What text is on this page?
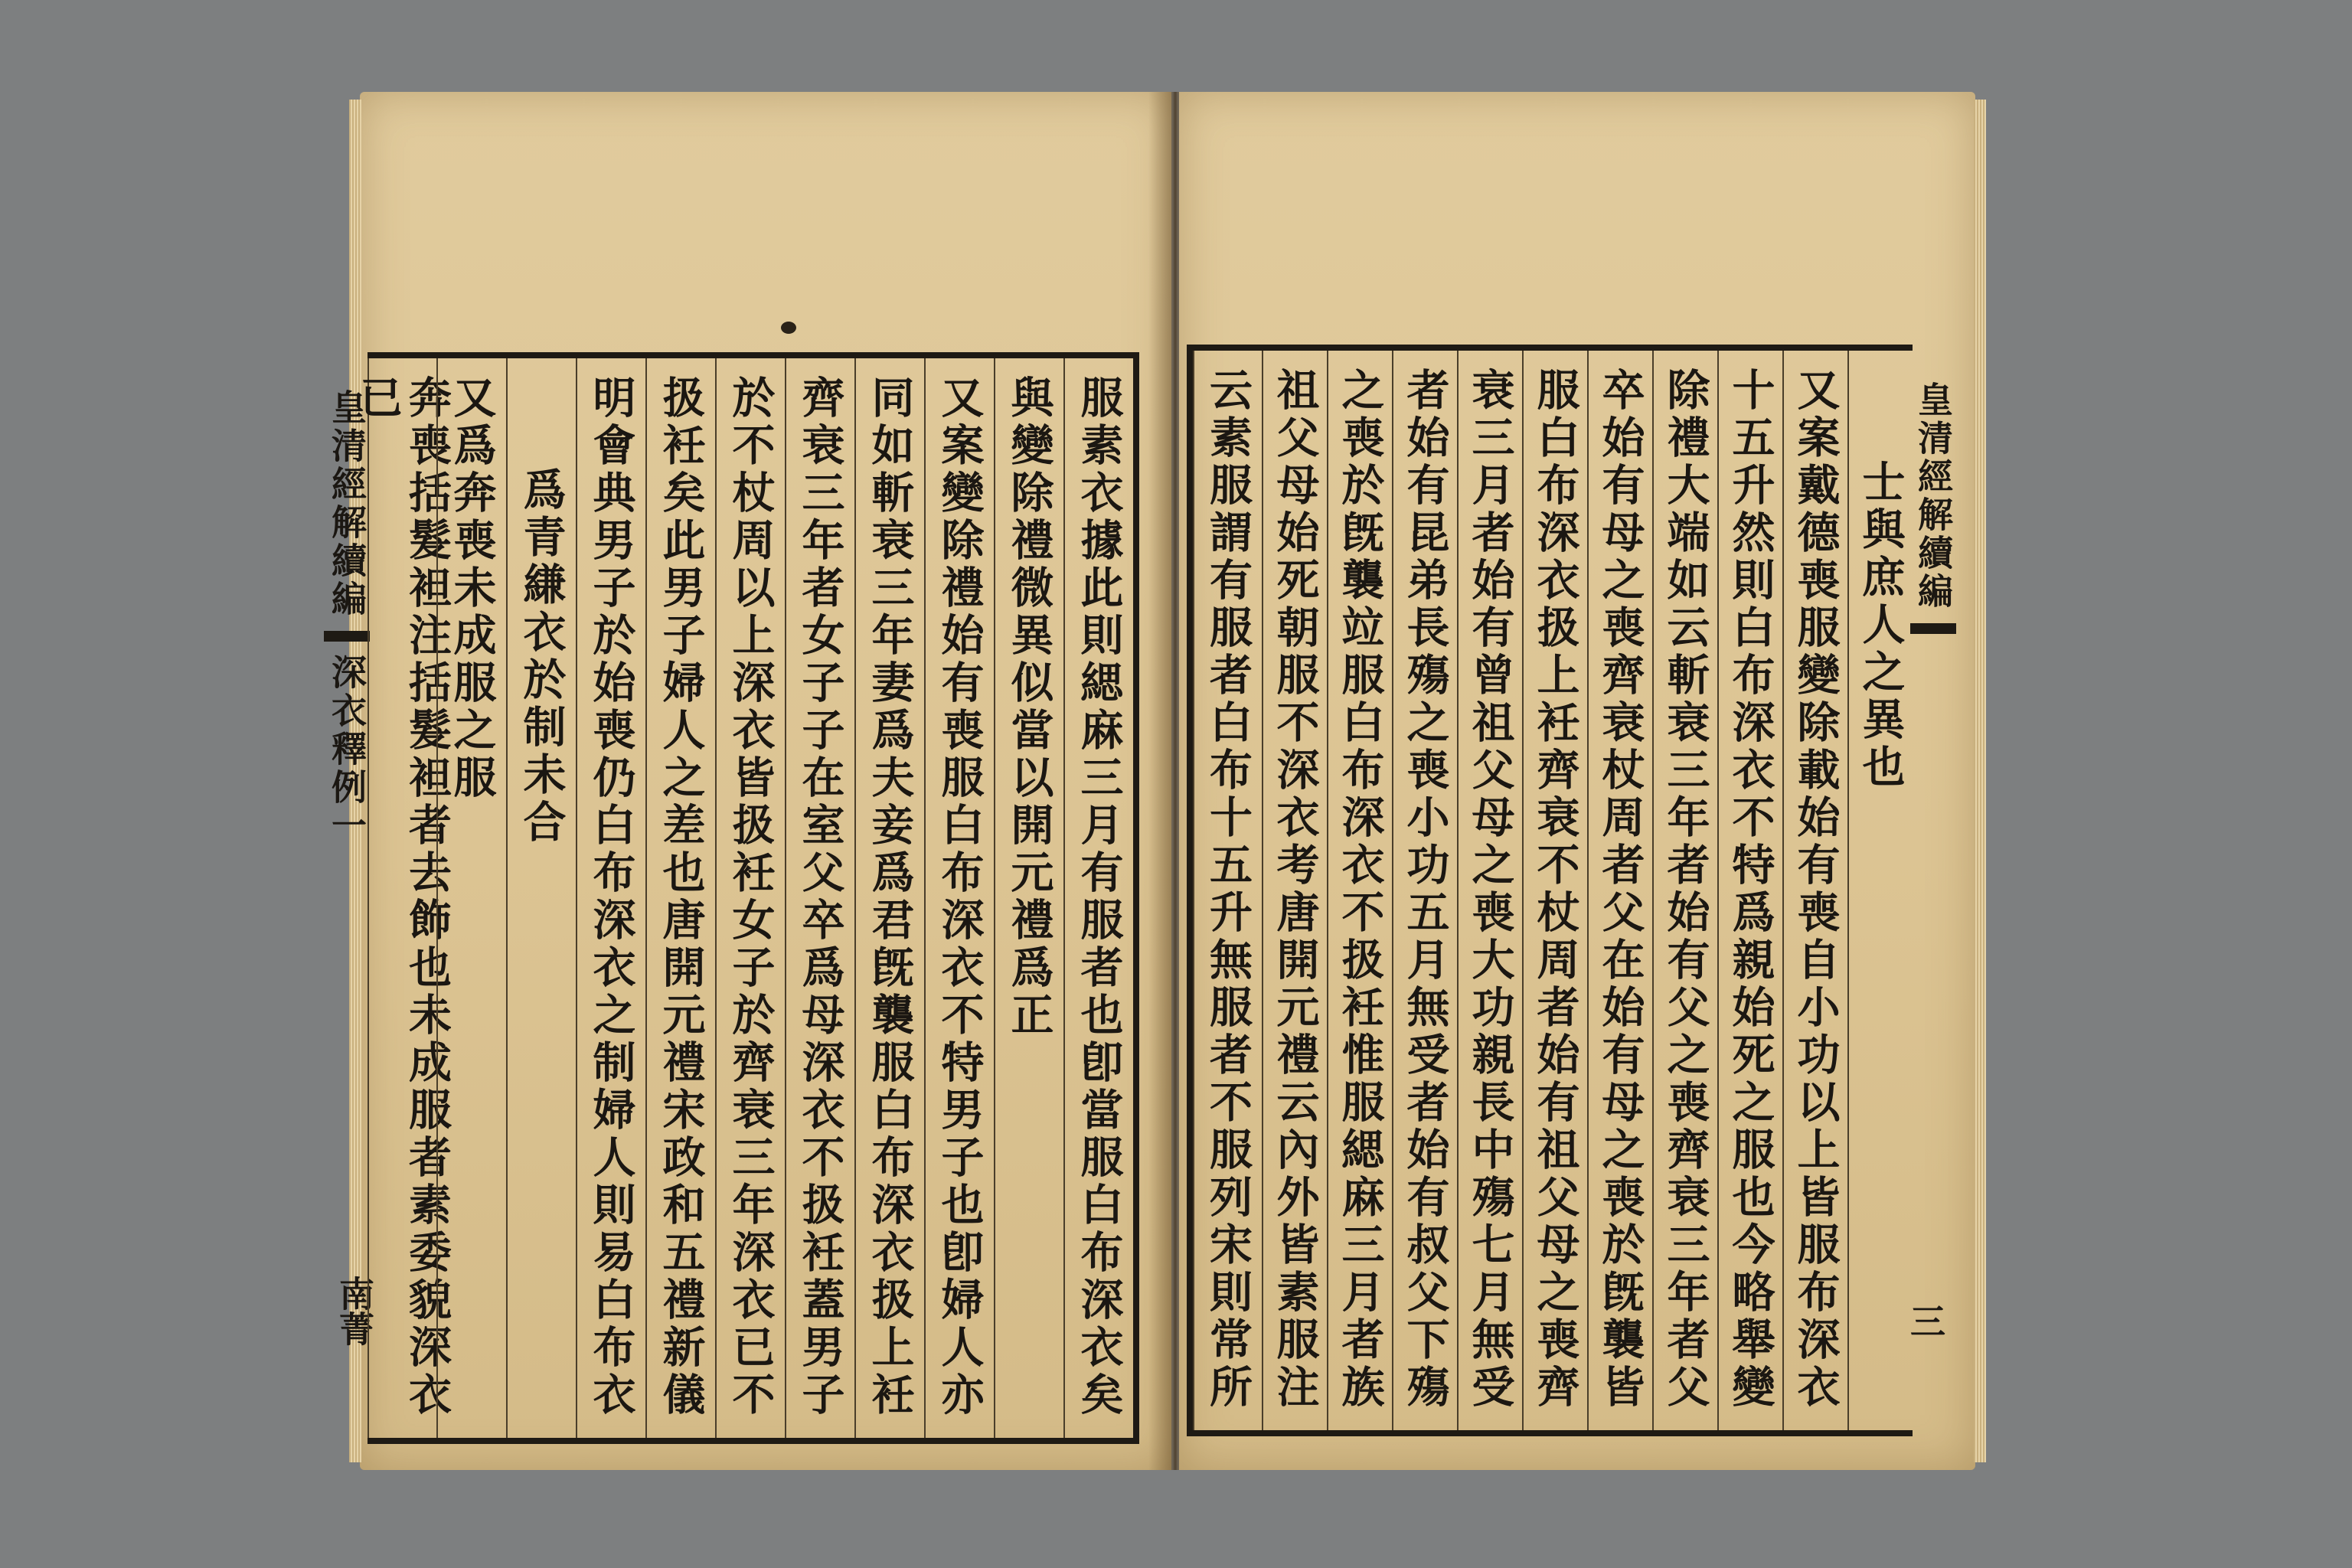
皇清經解續編
深衣釋例一
南菁	服素衣據此則緦麻三月有服者也卽當服白布深衣矣
與變除禮微異似當以開元禮爲正
又案變除禮始有喪服白布深衣不特男子也卽婦人亦
同如斬衰三年妻爲夫妾爲君旣襲服白布深衣扱上衽
齊衰三年者女子子在室父卒爲母深衣不扱衽蓋男子
於不杖周以上深衣皆扱衽女子於齊衰三年深衣已不
扱衽矣此男子婦人之差也唐開元禮宋政和五禮新儀
明會典男子於始喪仍白布深衣之制婦人則易白布衣
爲青縑衣於制未合
又爲奔喪未成服之服
奔喪括髮袒注括髮袒者去飾也未成服者素委貌深衣已	皇清經解續編
三
士與庶人之異也
又案戴德喪服變除載始有喪自小功以上皆服布深衣
十五升然則白布深衣不特爲親始死之服也今略舉變
除禮大端如云斬衰三年者始有父之喪齊衰三年者父
卒始有母之喪齊衰杖周者父在始有母之喪於旣襲皆
服白布深衣扱上衽齊衰不杖周者始有祖父母之喪齊
衰三月者始有曾祖父母之喪大功親長中殤七月無受
者始有昆弟長殤之喪小功五月無受者始有叔父下殤
之喪於旣襲竝服白布深衣不扱衽惟服緦麻三月者族
祖父母始死朝服不深衣考唐開元禮云內外皆素服注
云素服謂有服者白布十五升無服者不服列宋則常所
